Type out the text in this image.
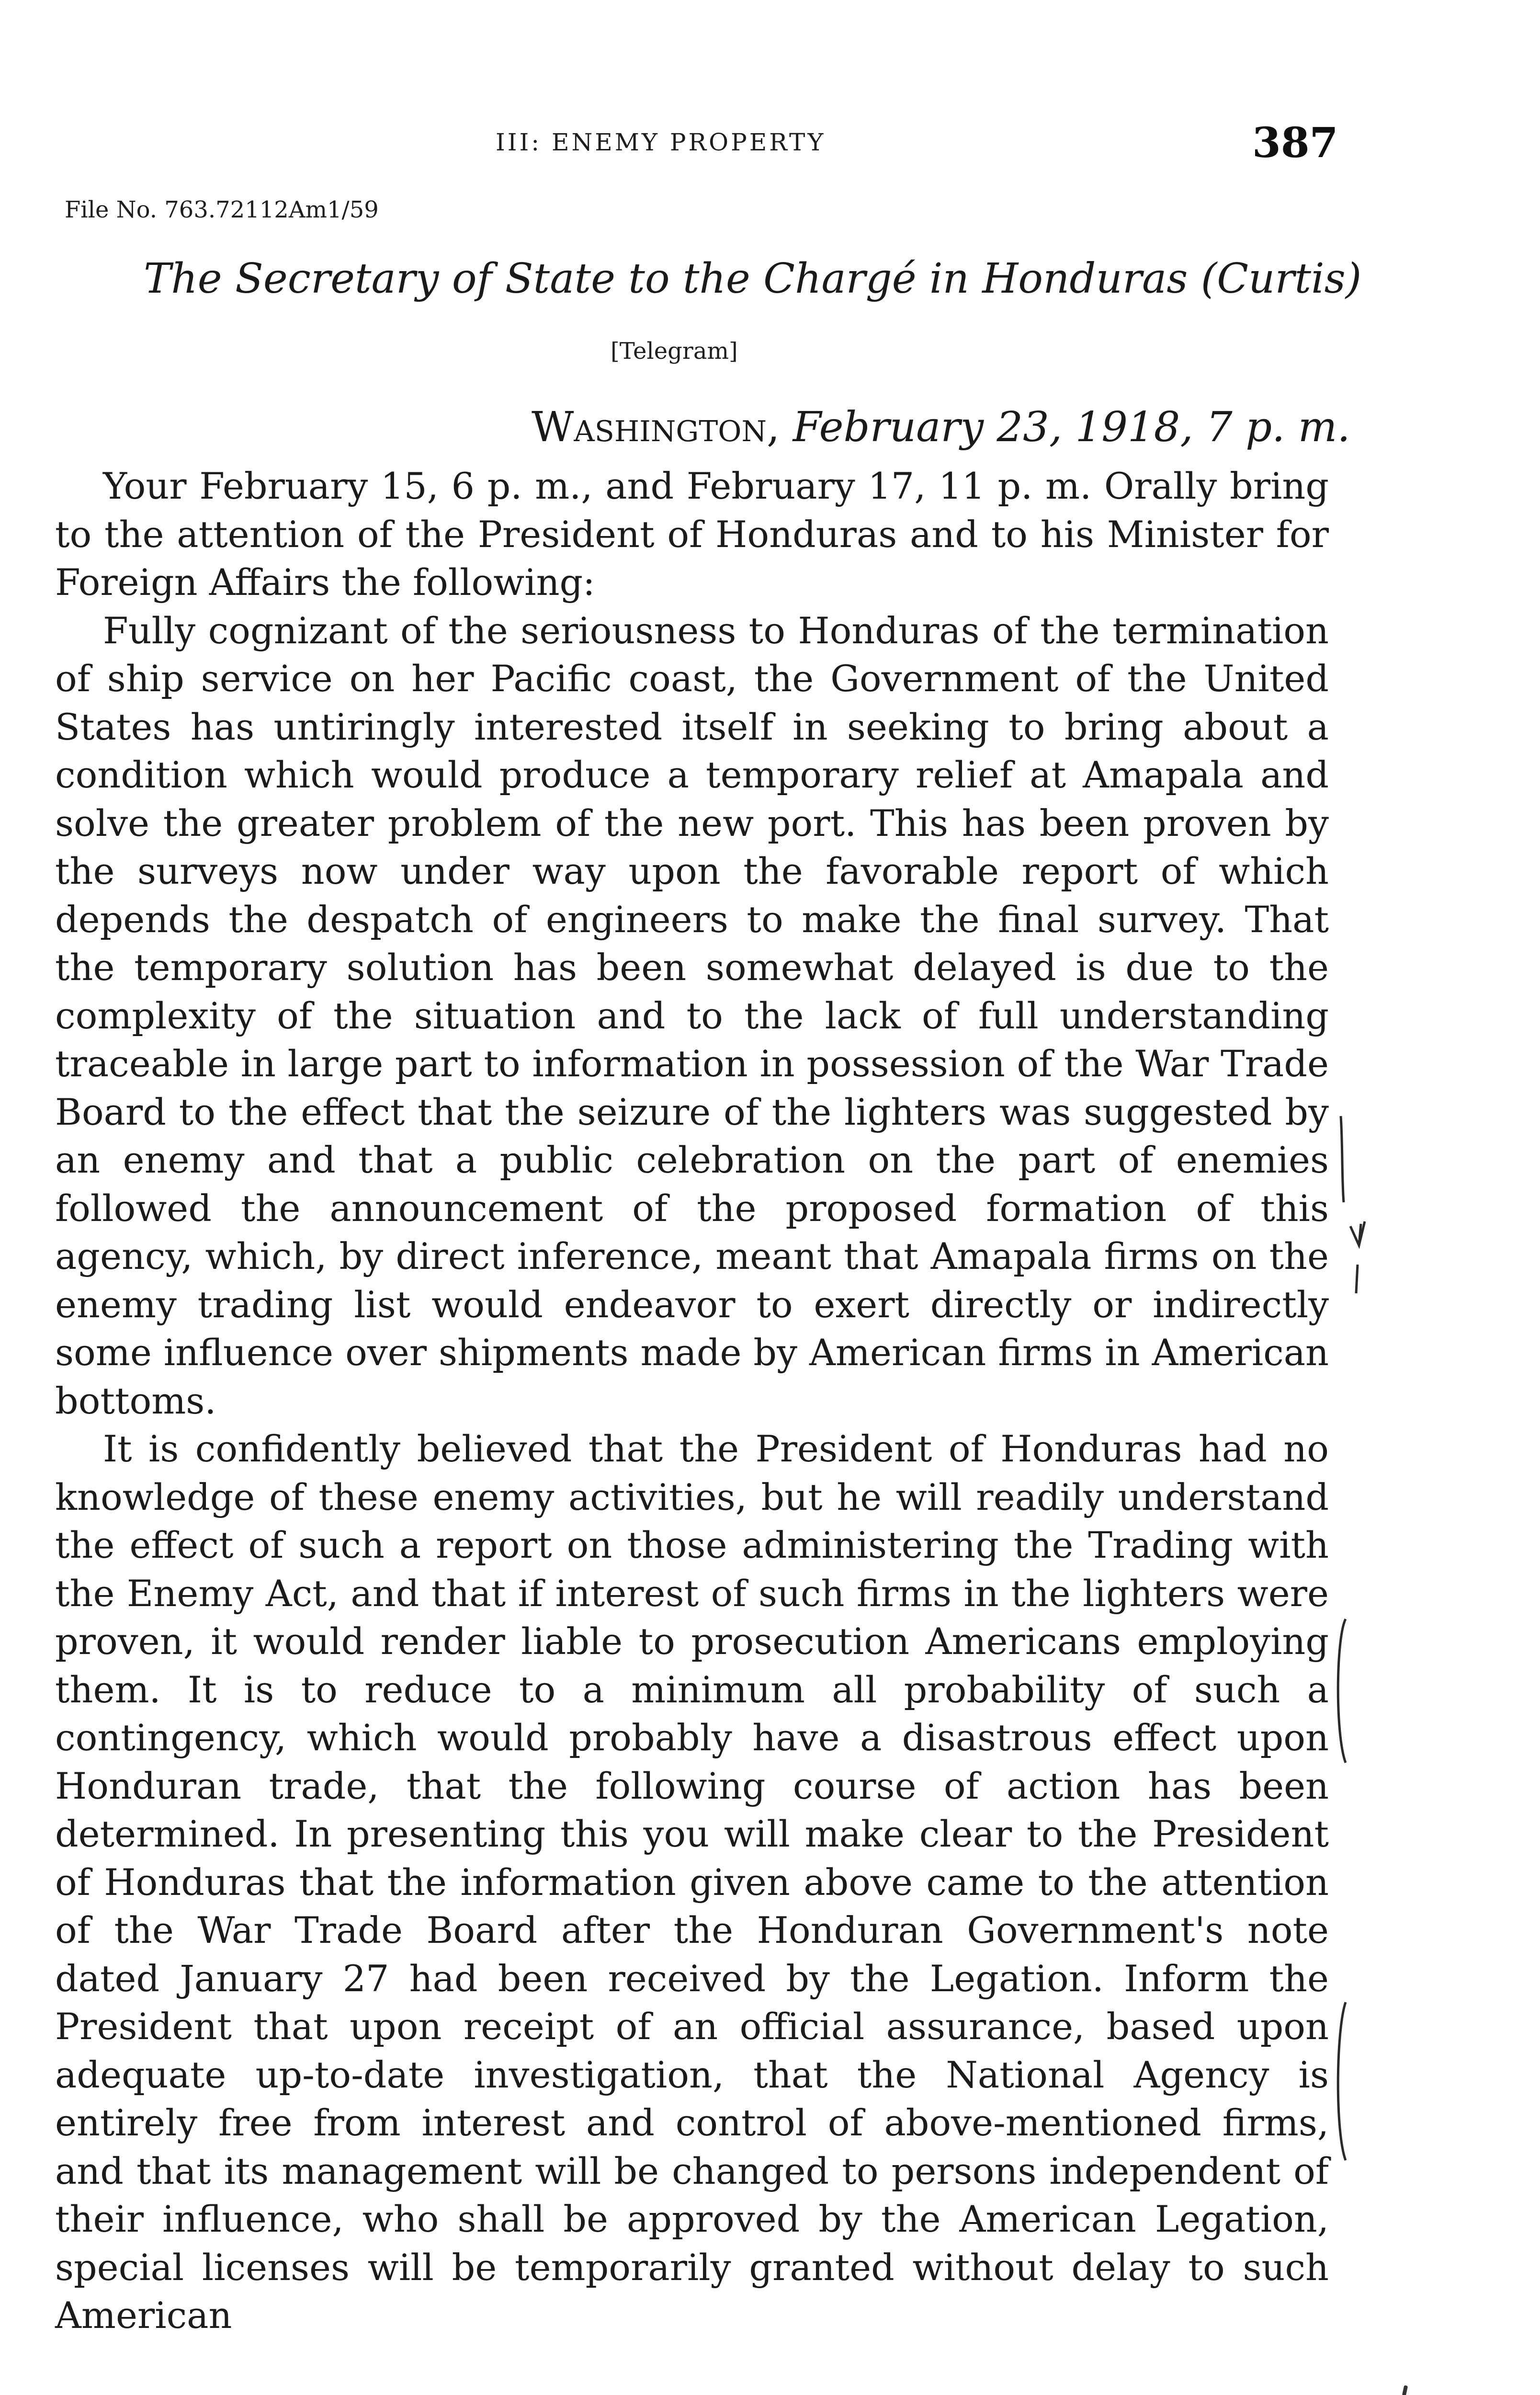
III: ENEMY PROPERTY	387
File No. 763.72112Am1/59
The Secretary of State to the Chargé in Honduras (Curtis)
[Telegram]
Washington, February 23, 1918, 7 p. m.

Your February 15, 6 p. m., and February 17, 11 p. m. Orally bring to the attention of the President of Honduras and to his Minister for Foreign Affairs the following:

Fully cognizant of the seriousness to Honduras of the termination of ship service on her Pacific coast, the Government of the United States has untiringly interested itself in seeking to bring about a condition which would produce a temporary relief at Amapala and solve the greater problem of the new port. This has been proven by the surveys now under way upon the favorable report of which depends the despatch of engineers to make the final survey. That the temporary solution has been somewhat delayed is due to the complexity of the situation and to the lack of full understanding traceable in large part to information in possession of the War Trade Board to the effect that the seizure of the lighters was suggested by an enemy and that a public celebration on the part of enemies followed the announcement of the proposed formation of this agency, which, by direct inference, meant that Amapala firms on the enemy trading list would endeavor to exert directly or indirectly some influence over shipments made by American firms in American bottoms.

It is confidently believed that the President of Honduras had no knowledge of these enemy activities, but he will readily understand the effect of such a report on those administering the Trading with the Enemy Act, and that if interest of such firms in the lighters were proven, it would render liable to prosecution Americans employing them. It is to reduce to a minimum all probability of such a contingency, which would probably have a disastrous effect upon Honduran trade, that the following course of action has been determined. In presenting this you will make clear to the President of Honduras that the information given above came to the attention of the War Trade Board after the Honduran Government's note dated January 27 had been received by the Legation. Inform the President that upon receipt of an official assurance, based upon adequate up-to-date investigation, that the National Agency is entirely free from interest and control of above-mentioned firms, and that its management will be changed to persons independent of their influence, who shall be approved by the American Legation, special licenses will be temporarily granted without delay to such American
